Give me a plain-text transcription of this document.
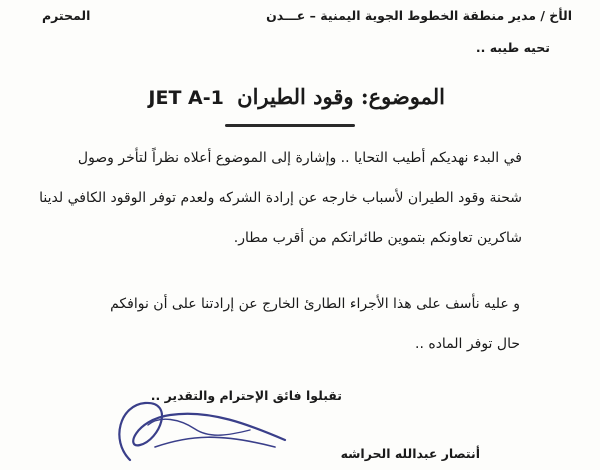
الأخ / مدير منطقة الخطوط الجوية اليمنية – عـــدن
المحترم
تحيه طيبه ..
الموضوع: وقود الطيران JET A-1
في البدء نهديكم أطيب التحايا .. وإشارة إلى الموضوع أعلاه نظراً لتأخر وصول
شحنة وقود الطيران لأسباب خارجه عن إرادة الشركه ولعدم توفر الوقود الكافي لدينا
شاكرين تعاونكم بتموين طائراتكم من أقرب مطار.
و عليه نأسف على هذا الأجراء الطارئ الخارج عن إرادتنا على أن نوافكم
حال توفر الماده ..
تقبلوا فائق الإحترام والتقدير ..
أنتصار عبدالله الحراشه
